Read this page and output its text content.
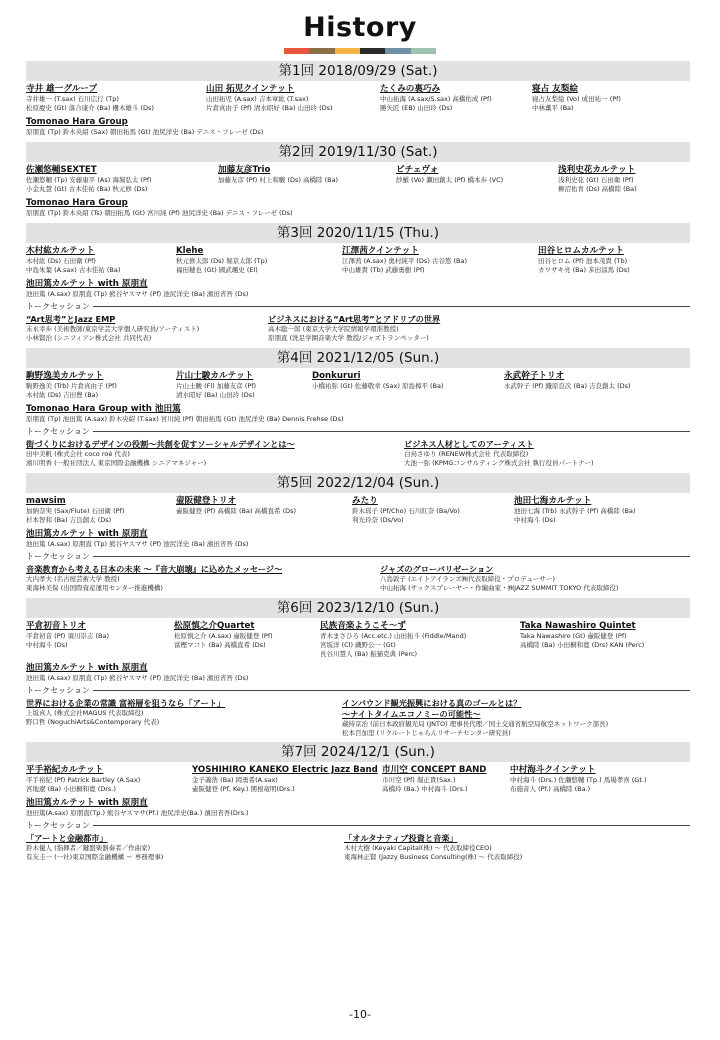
History
第1回 2018/09/29 (Sat.)
寺井 雄一グループ
寺井雄一 (T.sax) 石川広行 (Tp)
松原慶史 (Gt) 落合康介 (Ba) 柵木雄斗 (Ds)
山田 拓児クインテット
山田拓児 (A.sax) 吉本章紘 (T.sax)
片倉真由子 (Pf) 清水昭好 (Ba) 山田玲 (Ds)
たくみの裏巧み
中山拓海 (A.sax/S.sax) 高橋佑成 (Pf)
勝矢匠 (EB) 山田玲 (Ds)
寝占 友梨絵
寝占友梨絵 (Vo) 成田祐一 (Pf)
中林薫平 (Ba)
Tomonao Hara Group
原朋直 (Tp) 鈴木央紹 (Sax) 朝田拓馬 (Gt) 池尻洋史 (Ba) デニス・フレーゼ (Ds)
第2回 2019/11/30 (Sat.)
佐瀬悠輔SEXTET
佐瀬悠輔 (Tp) 安藤康平 (As) 海堀弘太 (Pf)
小金丸慧 (Gt) 古木佳祐 (Ba) 秋元修 (Ds)
加藤友彦Trio
加藤友彦 (Pf) 村上和駿 (Ds) 高橋陸 (Ba)
ピチェヴォ
紗羅 (Vo) 瀬田創太 (Pf) 橋本歩 (VC)
浅利史花カルテット
浅利史花 (Gt) 石田衛 (Pf)
柳沼佑育 (Ds) 高橋陸 (Ba)
Tomonao Hara Group
原朋直 (Tp) 鈴木央紹 (Ts) 朝田拓馬 (Gt) 宮川純 (Pf) 池尻洋史 (Ba) デニス・フレーゼ (Ds)
第3回 2020/11/15 (Thu.)
木村紘カルテット
木村紘 (Ds) 石田衛 (Pf)
中島朱葉 (A.sax) 古木佳祐 (Ba)
Klehe
秋元修太郎 (Ds) 堀京太郎 (Tp)
福田穂也 (Gt) 國武颯史 (El)
江澤茜クインテット
江澤茜 (A.sax) 奥村純平 (Ds) 古谷悠 (Ba)
中山雄貴 (Tb) 武藤勇樹 (Pf)
田谷ヒロムカルテット
田谷ヒロム (Pf) 池本茂貴 (Tb)
カワサキ亮 (Ba) 多田涼馬 (Ds)
池田篤カルテット with 原朋直
池田篤 (A.sax) 原朋直 (Tp) 熊谷ヤスマサ (Pf) 池尻洋史 (Ba) 濱田省吾 (Ds)
トークセッション
“Art思考”とJazz EMP
末永幸歩 (美術教師/東京学芸大学個人研究員/アーティスト)
小林賢治 (シニフィアン株式会社 共同代表)
ビジネスにおける“Art思考”とアドリブの世界
高木聡一郎 (東京大学大学院情報学環准教授)
原朋直 (洗足学園音楽大学 教授/ジャズトランペッター)
第4回 2021/12/05 (Sun.)
駒野逸美カルテット
駒野逸美 (Trb) 片倉真由子 (Pf)
木村紘 (Ds) 吉田豊 (Ba)
片山士駿カルテット
片山士駿 (Fl) 加藤友彦 (Pf)
清水昭好 (Ba) 山田玲 (Ds)
Donkururi
小橋祐弥 (Gt) 佐藤敬幸 (Sax) 原島樟平 (Ba)
永武幹子トリオ
永武幹子 (Pf) 織原良次 (Ba) 吉良創太 (Ds)
Tomonao Hara Group with 池田篤
原朋直 (Tp) 池田篤 (A.sax) 鈴木央紹 (T.sax) 宮川純 (Pf) 朝田拓馬 (Gt) 池尻洋史 (Ba) Dennis Frehse (Ds)
トークセッション
街づくりにおけるデザインの役割〜共創を促すソーシャルデザインとは〜
田中美帆 (株式会社 coco roé 代表)
濱川明香 (一般社団法人 東京国際金融機構 シニアマネジャー)
ビジネス人材としてのアーティスト
白鳥さゆり (RENEW株式会社 代表取締役)
大池一弥 (KPMGコンサルティング株式会社 執行役員パートナー)
第5回 2022/12/04 (Sun.)
mawsim
加納奈実 (Sax/Flute) 石田衛 (Pf)
杉本智和 (Ba) 吉良創太 (Ds)
壷阪健登トリオ
壷阪健登 (Pf) 高橋陸 (Ba) 高橋直希 (Ds)
みたり
鈴木瑶子 (Pf/Cho) 石川紅奈 (Ba/Vo)
利光玲奈 (Ds/Vo)
池田七海カルテット
池田七海 (Trb) 永武幹子 (Pf) 高橋陸 (Ba)
中村海斗 (Ds)
池田篤カルテット with 原朋直
池田篤 (A.sax) 原朋直 (Tp) 熊谷ヤスマサ (Pf) 池尻洋史 (Ba) 濱田省吾 (Ds)
トークセッション
音楽教育から考える日本の未来 〜『音大崩壊』に込めたメッセージ〜
大内孝夫 (名古屋芸術大学 教授)
東海林美保 (出国際資産運用センター推進機構)
ジャズのグローバリゼーション
八島敦子 (エイトアイランズ㈱代表取締役・プロデューサー)
中山拓海 (サックスプレーヤー・作編曲家・㈱JAZZ SUMMIT TOKYO 代表取締役)
第6回 2023/12/10 (Sun.)
平倉初音トリオ
平倉初音 (Pf) 須川崇志 (Ba)
中村海斗 (Ds)
松原慎之介Quartet
松原慎之介 (A.sax) 壷阪健登 (Pf)
富樫マコト (Ba) 高橋直希 (Ds)
民族音楽ようこそ〜ず
青木まさひろ (Acc.etc.) 山田拓斗 (Fiddle/Mand)
宮坂洋 (Cl) 磯野公一 (Gt)
長谷川慧人 (Ba) 振猫克典 (Perc)
Taka Nawashiro Quintet
Taka Nawashiro (Gt) 壷阪健登 (Pf)
高橋陸 (Ba) 小田桐和寛 (Drs) KAN (Perc)
池田篤カルテット with 原朋直
池田篤 (A.sax) 原朋直 (Tp) 熊谷ヤスマサ (Pf) 池尻洋史 (Ba) 濱田省吾 (Ds)
トークセッション
世界における企業の常識 富裕層を狙うなら「アート」
上坂真人 (株式会社MAGUS 代表取締役)
野口哲 (NoguchiArts&Contemporary 代表)
インバウンド観光振興における真のゴールとは？
〜ナイトタイムエコノミーの可能性〜
蔵持京治 (前日本政府観光局 (JNTO) 理事長代理／国土交通省航空局航空ネットワーク部長)
松本百加里 (リクルートじゃらんリサーチセンター研究員)
第7回 2024/12/1 (Sun.)
平手裕紀カルテット
平手裕紀 (Pf) Patrick Bartley (A.Sax)
宮地遼 (Ba) 小田桐和寛 (Drs.)
YOSHIHIRO KANEKO Electric Jazz Band
金子義浩 (Ba) 岡勇希(A.sax)
壷阪健登 (Pf, Key.) 関根竜明(Drs.)
市川空 CONCEPT BAND
市川空 (Pf) 堀正貴(Sax.)
高橋玲 (Ba.) 中村海斗 (Drs.)
中村海斗クインテット
中村海斗 (Drs.) 佐瀬悠輔 (Tp.) 馬場孝喜 (Gt.)
布施音人 (Pf.) 高橋陸 (Ba.)
池田篤カルテット with 原朋直
池田篤(A.sax) 原朋直(Tp.) 熊谷ヤスマサ(Pf.) 池尻洋史(Ba.) 濱田省吾(Drs.)
トークセッション
「アートと金融都市」
鈴木優人 (指揮者／鍵盤楽器奏者／作曲家)
有友圭一 (一社)東京国際金融機構 ～ 専務理事)
「オルタナティブ投資と音楽」
木村大樹 (Keyaki Capital(株) ～ 代表取締役CEO)
東海林正賢 (Jazzy Business Consulting(株) ～ 代表取締役)
-10-
